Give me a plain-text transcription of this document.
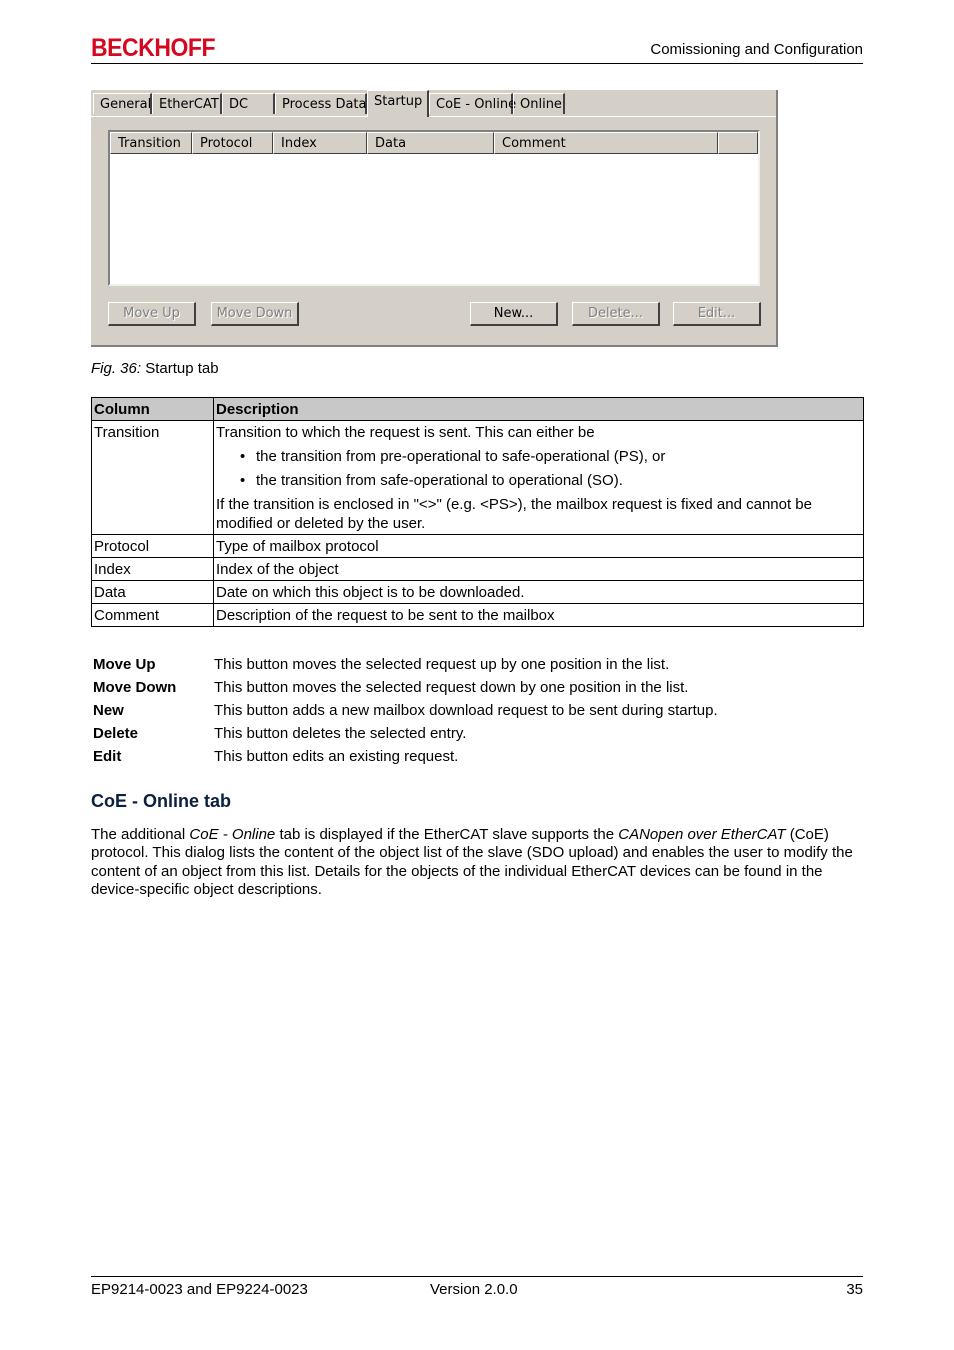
BECKHOFF	Comissioning and Configuration
General EtherCAT DC	Process Data Startup	CoE - Online Online
Transition	Protocol	Index	Data	Comment
Move Up	Move Down	New...	Delete...	Edit...
Fig. 36: Startup tab
Column	Description
Transition	Transition to which the request is sent. This can either be
• the transition from pre-operational to safe-operational (PS), or
• the transition from safe-operational to operational (SO).
If the transition is enclosed in "<>" (e.g. <PS>), the mailbox request is fixed and cannot be modified or deleted by the user.

Protocol	Type of mailbox protocol
Index	Index of the object
Data	Date on which this object is to be downloaded.
Comment	Description of the request to be sent to the mailbox
Move Up	This button moves the selected request up by one position in the list.
Move Down	This button moves the selected request down by one position in the list.
New	This button adds a new mailbox download request to be sent during startup.
Delete	This button deletes the selected entry.
Edit	This button edits an existing request.
CoE - Online tab
The additional CoE - Online tab is displayed if the EtherCAT slave supports the CANopen over EtherCAT (CoE) protocol. This dialog lists the content of the object list of the slave (SDO upload) and enables the user to modify the content of an object from this list. Details for the objects of the individual EtherCAT devices can be found in the device-specific object descriptions.
EP9214-0023 and EP9224-0023	Version 2.0.0	35
